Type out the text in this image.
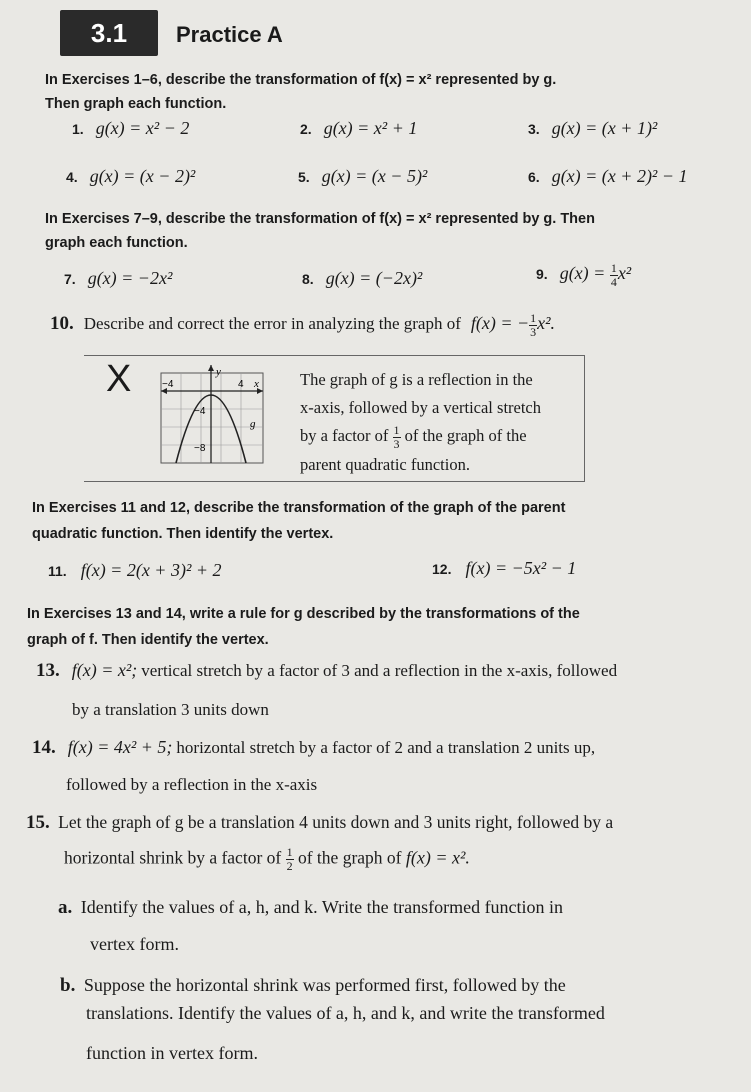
3.1	Practice A
In Exercises 1–6, describe the transformation of f(x) = x² represented by g.
Then graph each function.
1. g(x) = x² − 2	2. g(x) = x² + 1	3. g(x) = (x + 1)²
4. g(x) = (x − 2)²	5. g(x) = (x − 5)²	6. g(x) = (x + 2)² − 1
In Exercises 7–9, describe the transformation of f(x) = x² represented by g. Then
graph each function.
7. g(x) = −2x²	8. g(x) = (−2x)²	9. $g(x) = \frac{1}{4} x^2$
10. Describe and correct the error in analyzing the graph of f(x) = − $\frac{1}{3} x^2$.
X	y
x
−4	4
−4
−8
g
The graph of g is a reflection in the
x-axis, followed by a vertical stretch
by a factor of $\frac{1}{3}$ of the graph of the
parent quadratic function.
In Exercises 11 and 12, describe the transformation of the graph of the parent
quadratic function. Then identify the vertex.
11. f(x) = 2(x + 3)² + 2	12. f(x) = −5x² − 1
In Exercises 13 and 14, write a rule for g described by the transformations of the
graph of f. Then identify the vertex.
13. f(x) = x²; vertical stretch by a factor of 3 and a reflection in the x-axis, followed
by a translation 3 units down
14. f(x) = 4x² + 5; horizontal stretch by a factor of 2 and a translation 2 units up,
followed by a reflection in the x-axis
15. Let the graph of g be a translation 4 units down and 3 units right, followed by a
horizontal shrink by a factor of $\frac{1}{2}$ of the graph of f(x) = x².
a. Identify the values of a, h, and k. Write the transformed function in
vertex form.
b. Suppose the horizontal shrink was performed first, followed by the
translations. Identify the values of a, h, and k, and write the transformed
function in vertex form.
